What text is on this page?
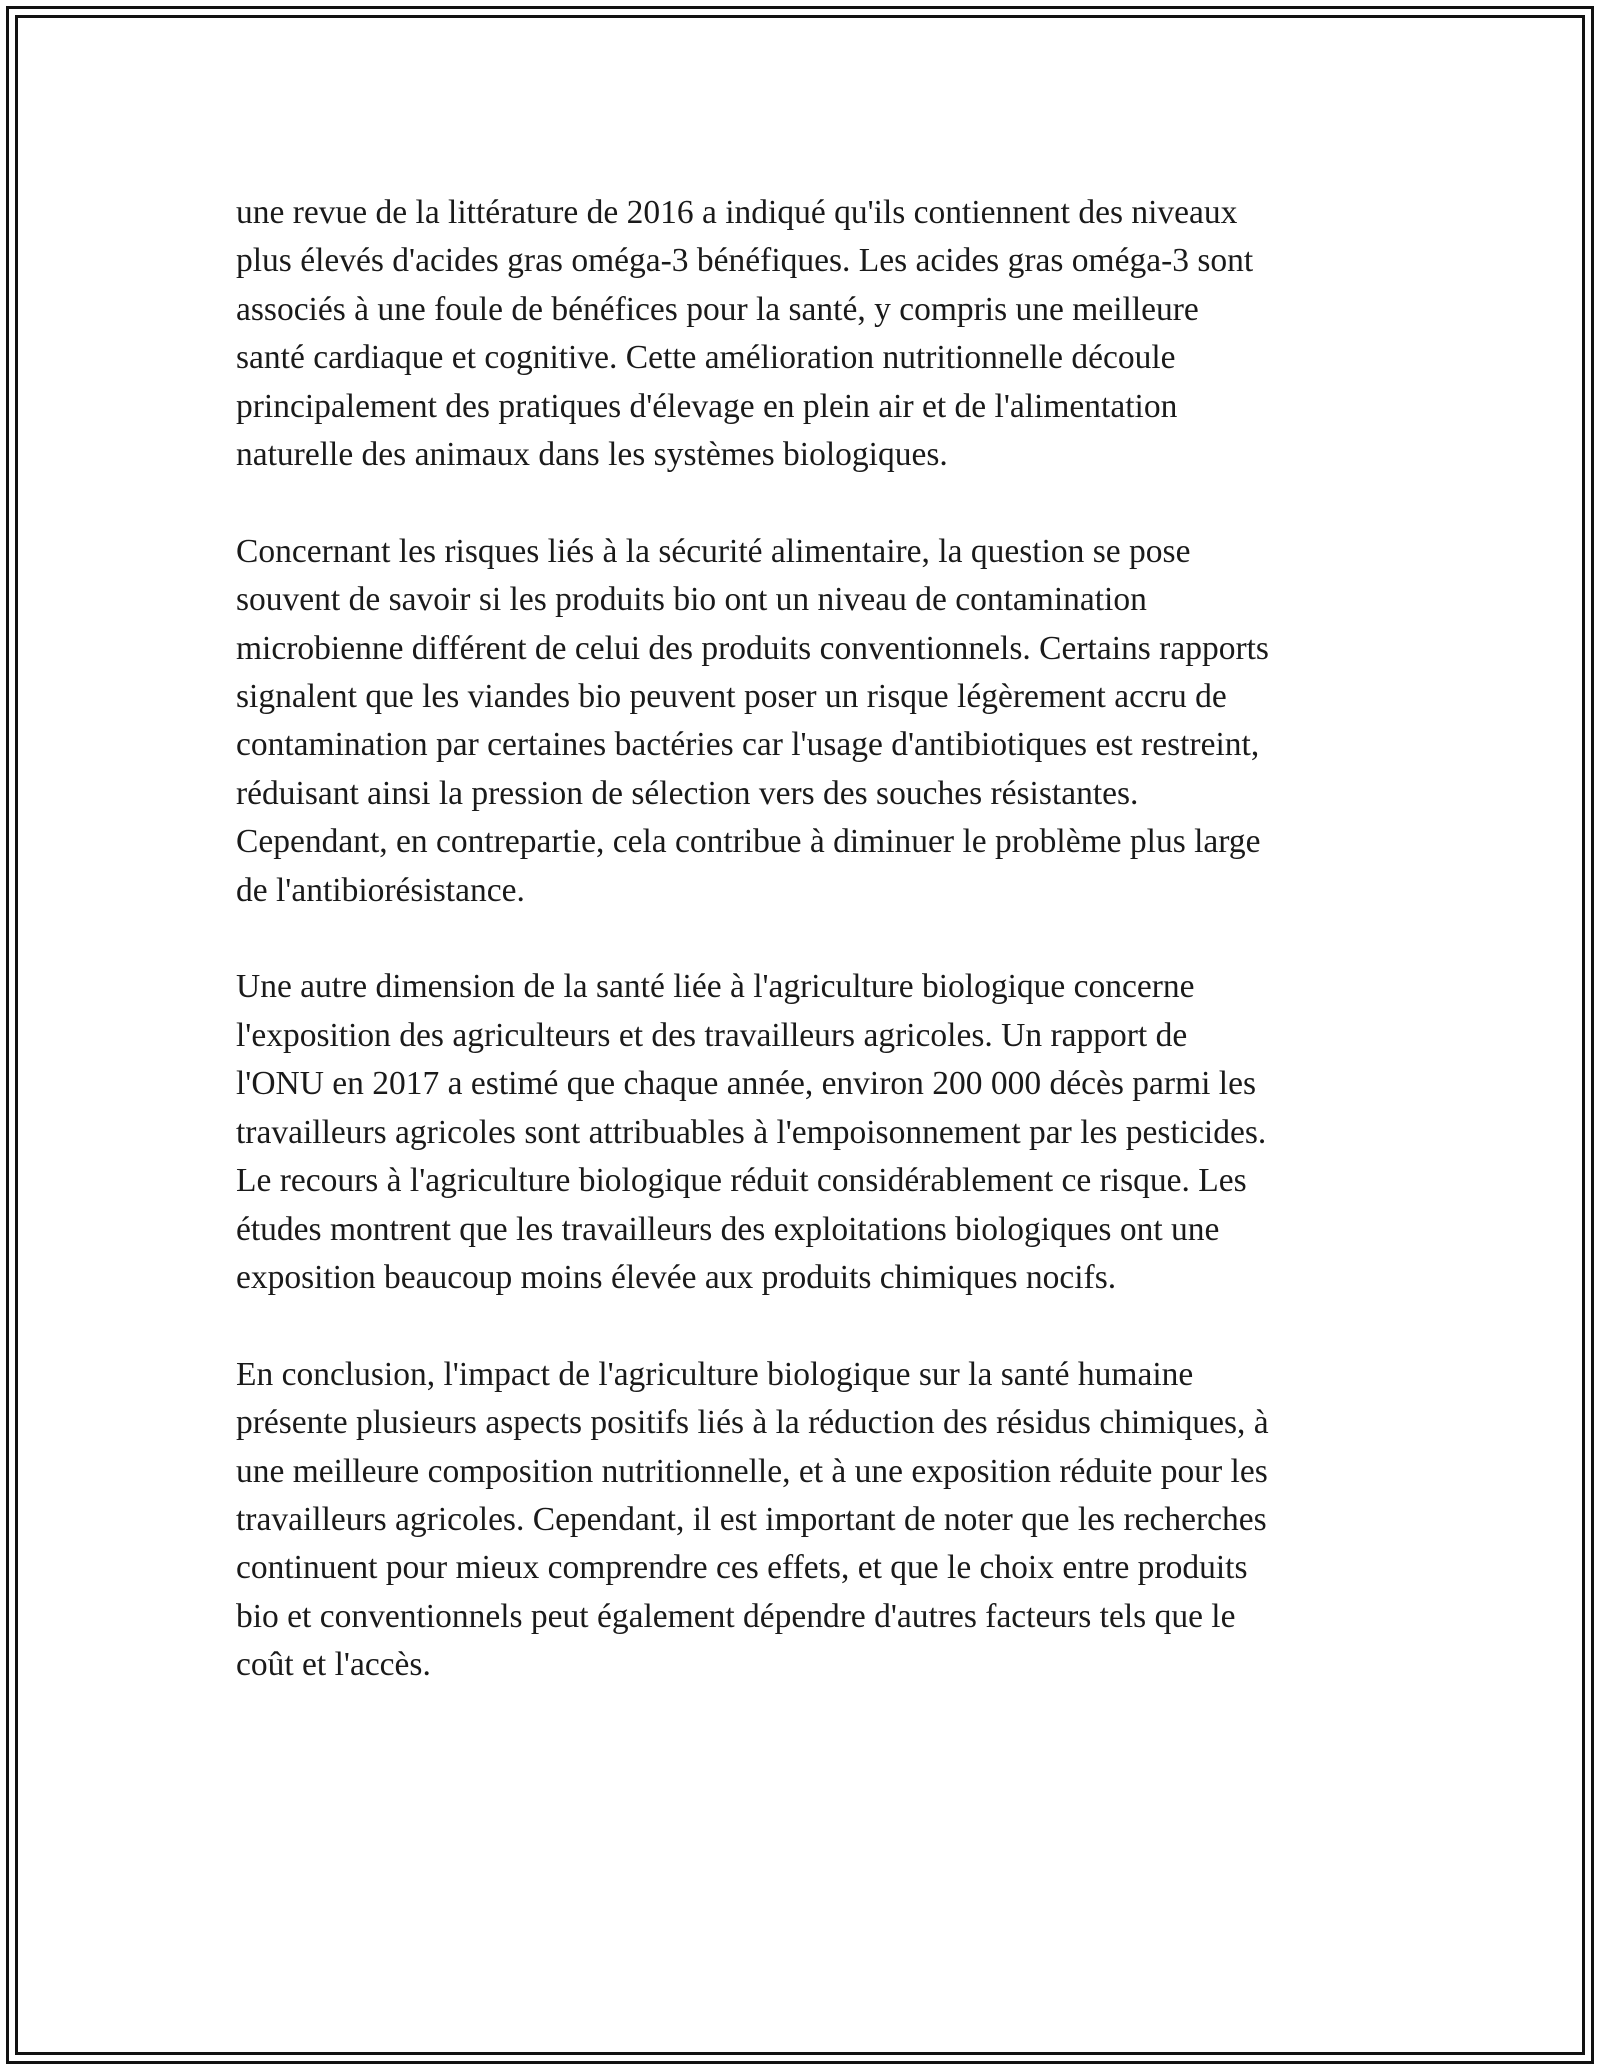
une revue de la littérature de 2016 a indiqué qu'ils contiennent des niveaux
plus élevés d'acides gras oméga-3 bénéfiques. Les acides gras oméga-3 sont
associés à une foule de bénéfices pour la santé, y compris une meilleure
santé cardiaque et cognitive. Cette amélioration nutritionnelle découle
principalement des pratiques d'élevage en plein air et de l'alimentation
naturelle des animaux dans les systèmes biologiques.

Concernant les risques liés à la sécurité alimentaire, la question se pose
souvent de savoir si les produits bio ont un niveau de contamination
microbienne différent de celui des produits conventionnels. Certains rapports
signalent que les viandes bio peuvent poser un risque légèrement accru de
contamination par certaines bactéries car l'usage d'antibiotiques est restreint,
réduisant ainsi la pression de sélection vers des souches résistantes.
Cependant, en contrepartie, cela contribue à diminuer le problème plus large
de l'antibiorésistance.

Une autre dimension de la santé liée à l'agriculture biologique concerne
l'exposition des agriculteurs et des travailleurs agricoles. Un rapport de
l'ONU en 2017 a estimé que chaque année, environ 200 000 décès parmi les
travailleurs agricoles sont attribuables à l'empoisonnement par les pesticides.
Le recours à l'agriculture biologique réduit considérablement ce risque. Les
études montrent que les travailleurs des exploitations biologiques ont une
exposition beaucoup moins élevée aux produits chimiques nocifs.

En conclusion, l'impact de l'agriculture biologique sur la santé humaine
présente plusieurs aspects positifs liés à la réduction des résidus chimiques, à
une meilleure composition nutritionnelle, et à une exposition réduite pour les
travailleurs agricoles. Cependant, il est important de noter que les recherches
continuent pour mieux comprendre ces effets, et que le choix entre produits
bio et conventionnels peut également dépendre d'autres facteurs tels que le
coût et l'accès.
